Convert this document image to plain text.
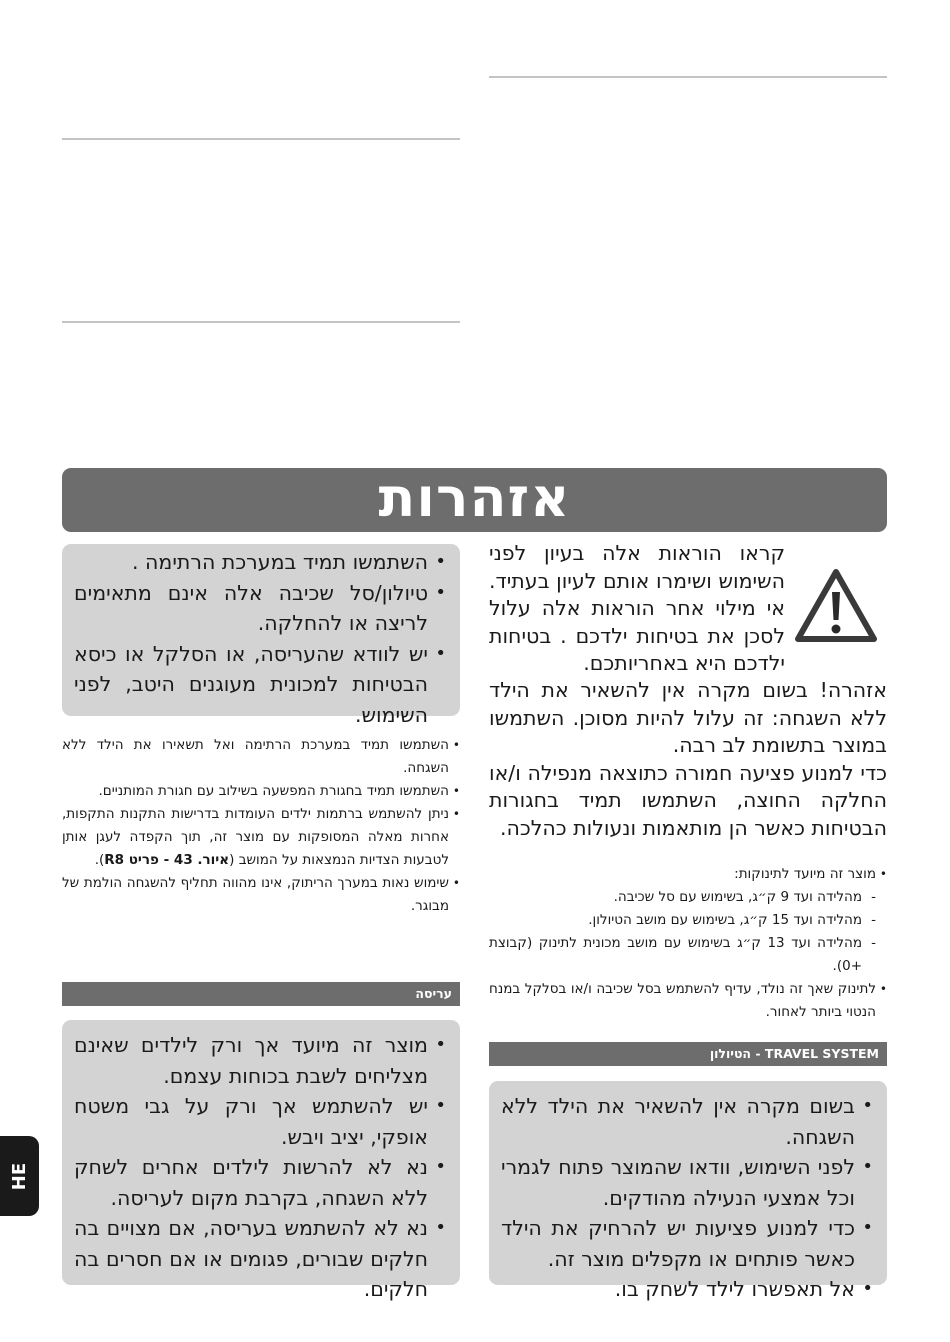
אזהרות
קראו הוראות אלה בעיון לפני השימוש ושימרו אותם לעיון בעתיד. אי מילוי אחר הוראות אלה עלול לסכן את בטיחות ילדכם . בטיחות ילדכם היא באחריותכם.
אזהרה! בשום מקרה אין להשאיר את הילד ללא השגחה: זה עלול להיות מסוכן. השתמשו במוצר בתשומת לב רבה.
כדי למנוע פציעה חמורה כתוצאה מנפילה ו/או החלקה החוצה, השתמשו תמיד בחגורות הבטיחות כאשר הן מותאמות ונעולות כהלכה.
• מוצר זה מיועד לתינוקות:
- מהלידה ועד 9 ק״ג, בשימוש עם סל שכיבה.
- מהלידה ועד 15 ק״ג, בשימוש עם מושב הטיולון.
- מהלידה ועד 13 ק״ג בשימוש עם מושב מכונית לתינוק (קבוצת +0).
• לתינוק שאך זה נולד, עדיף להשתמש בסל שכיבה ו/או בסלקל במנח הנטוי ביותר לאחור.
TRAVEL SYSTEM - הטיולון
• בשום מקרה אין להשאיר את הילד ללא השגחה.
• לפני השימוש, וודאו שהמוצר פתוח לגמרי וכל אמצעי הנעילה מהודקים.
• כדי למנוע פציעות יש להרחיק את הילד כאשר פותחים או מקפלים מוצר זה.
• אל תאפשרו לילד לשחק בו.
• השתמשו תמיד במערכת הרתימה .
• טיולון/סל שכיבה אלה אינם מתאימים לריצה או להחלקה.
• יש לוודא שהעריסה, או הסלקל או כיסא הבטיחות למכונית מעוגנים היטב, לפני השימוש.
• השתמשו תמיד במערכת הרתימה ואל תשאירו את הילד ללא השגחה.
• השתמשו תמיד בחגורת המפשעה בשילוב עם חגורת המותניים.
• ניתן להשתמש ברתמות ילדים העומדות בדרישות התקנות התקפות, אחרות מאלה המסופקות עם מוצר זה, תוך הקפדה לעגן אותן לטבעות הצדיות הנמצאות על המושב (איור. 43 - פריט R8).
• שימוש נאות במערך הריתוק, אינו מהווה תחליף להשגחה הולמת של מבוגר.
עריסה
• מוצר זה מיועד אך ורק לילדים שאינם מצליחים לשבת בכוחות עצמם.
• יש להשתמש אך ורק על גבי משטח אופקי, יציב ויבש.
• נא לא להרשות לילדים אחרים לשחק ללא השגחה, בקרבת מקום לעריסה.
• נא לא להשתמש בעריסה, אם מצויים בה חלקים שבורים, פגומים או אם חסרים בה חלקים.
HE
